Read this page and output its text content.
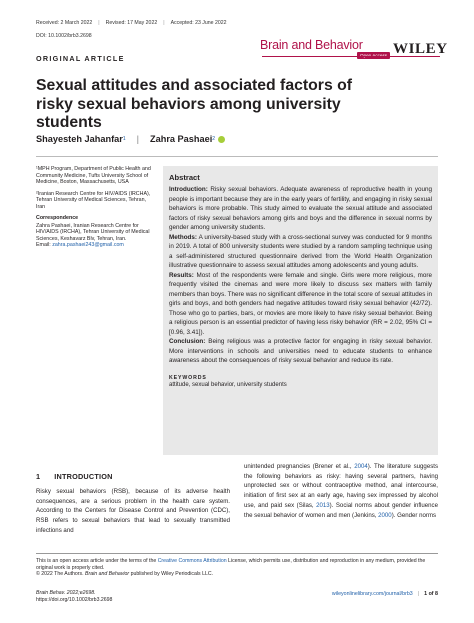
Received: 2 March 2022 | Revised: 17 May 2022 | Accepted: 23 June 2022
DOI: 10.1002/brb3.2698
Brain and Behavior
Open Access WILEY
ORIGINAL ARTICLE
Sexual attitudes and associated factors of risky sexual behaviors among university students
Shayesteh Jahanfar 1 | Zahra Pashaei 2

¹MPH Program, Department of Public Health and Community Medicine, Tufts University School of Medicine, Boston, Massachusetts, USA

²Iranian Research Centre for HIV/AIDS (IRCHA), Tehran University of Medical Sciences, Tehran, Iran

Correspondence
Zahra Pashaei, Iranian Research Centre for HIV/AIDS (IRCHA), Tehran University of Medical Sciences, Keshavarz Blv, Tehran, Iran.
Email: zahra.pashaei243@gmail.com
Abstract

Introduction: Risky sexual behaviors. Adequate awareness of reproductive health in young people is important because they are in the early years of fertility, and engaging in risky sexual behaviors is more probable. This study aimed to evaluate the sexual attitude and associated factors of risky sexual behaviors among girls and boys and the difference in sexual norms by gender among university students.

Methods: A university-based study with a cross-sectional survey was conducted for 9 months in 2019. A total of 800 university students were studied by a random sampling technique using a self-administered structured questionnaire derived from the World Health Organization illustrative questionnaire to assess sexual attitudes among adolescents and young adults.

Results: Most of the respondents were female and single. Girls were more religious, more frequently visited the cinemas and were more likely to discuss sex matters with family members than boys. There was no significant difference in the total score of sexual attitudes in girls and boys, and both genders had negative attitudes toward risky sexual behavior (42/72). Those who go to parties, bars, or movies are more likely to have risky sexual behavior. Being a religious person is an essential predictor of having less risky behavior (RR = 2.02, 95% CI = [0.96, 3.41]).

Conclusion: Being religious was a protective factor for engaging in risky sexual behavior. More interventions in schools and universities need to educate students to enhance awareness about the consequences of risky sexual behavior and reduce its rate.

KEYWORDS
attitude, sexual behavior, university students
1 INTRODUCTION
Risky sexual behaviors (RSB), because of its adverse health consequences, are a serious problem in the health care system. According to the Centers for Disease Control and Prevention (CDC), RSB refers to sexual behaviors that lead to sexually transmitted infections and
unintended pregnancies (Brener et al., 2004). The literature suggests the following behaviors as risky: having several partners, having unprotected sex or without contraceptive method, anal intercourse, initiation of first sex at an early age, having sex impressed by alcohol use, and paid sex (Silas, 2013). Social norms about gender influence the sexual behavior of women and men (Jenkins, 2000). Gender norms
This is an open access article under the terms of the Creative Commons Attribution License, which permits use, distribution and reproduction in any medium, provided the original work is properly cited.
© 2022 The Authors. Brain and Behavior published by Wiley Periodicals LLC.
Brain Behav. 2022;e2698.
https://doi.org/10.1002/brb3.2698
wileyonlinelibrary.com/journal/brb3 | 1 of 8
